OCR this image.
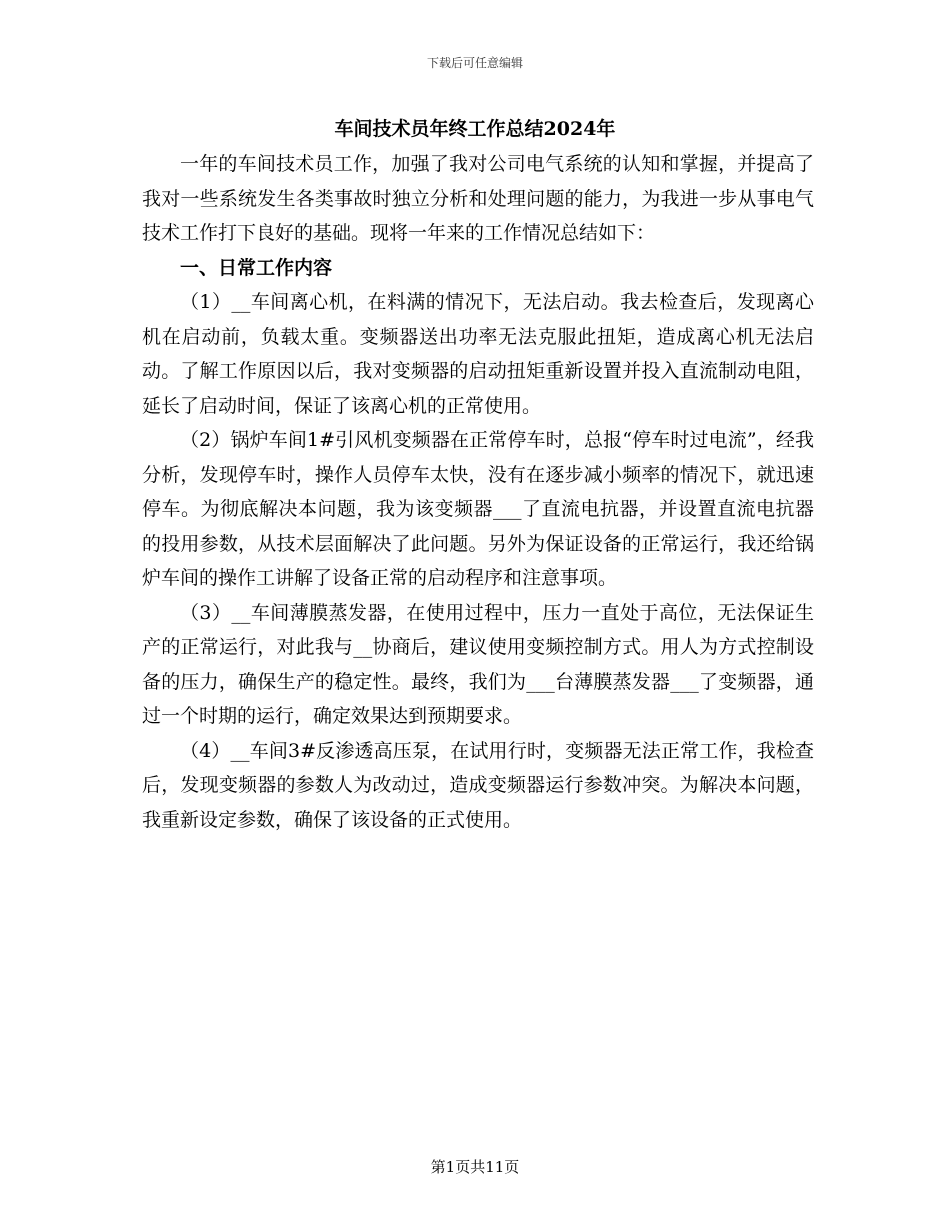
下载后可任意编辑
车间技术员年终工作总结2024年

一年的车间技术员工作，加强了我对公司电气系统的认知和掌握，并提高了我对一些系统发生各类事故时独立分析和处理问题的能力，为我进一步从事电气技术工作打下良好的基础。现将一年来的工作情况总结如下：

一、日常工作内容

（1）__车间离心机，在料满的情况下，无法启动。我去检查后，发现离心机在启动前，负载太重。变频器送出功率无法克服此扭矩，造成离心机无法启动。了解工作原因以后，我对变频器的启动扭矩重新设置并投入直流制动电阻，延长了启动时间，保证了该离心机的正常使用。

（2）锅炉车间1#引风机变频器在正常停车时，总报“停车时过电流”，经我分析，发现停车时，操作人员停车太快，没有在逐步减小频率的情况下，就迅速停车。为彻底解决本问题，我为该变频器___了直流电抗器，并设置直流电抗器的投用参数，从技术层面解决了此问题。另外为保证设备的正常运行，我还给锅炉车间的操作工讲解了设备正常的启动程序和注意事项。

（3）__车间薄膜蒸发器，在使用过程中，压力一直处于高位，无法保证生产的正常运行，对此我与__协商后，建议使用变频控制方式。用人为方式控制设备的压力，确保生产的稳定性。最终，我们为___台薄膜蒸发器___了变频器，通过一个时期的运行，确定效果达到预期要求。

（4）__车间3#反渗透高压泵，在试用行时，变频器无法正常工作，我检查后，发现变频器的参数人为改动过，造成变频器运行参数冲突。为解决本问题，我重新设定参数，确保了该设备的正式使用。

第1页共11页
